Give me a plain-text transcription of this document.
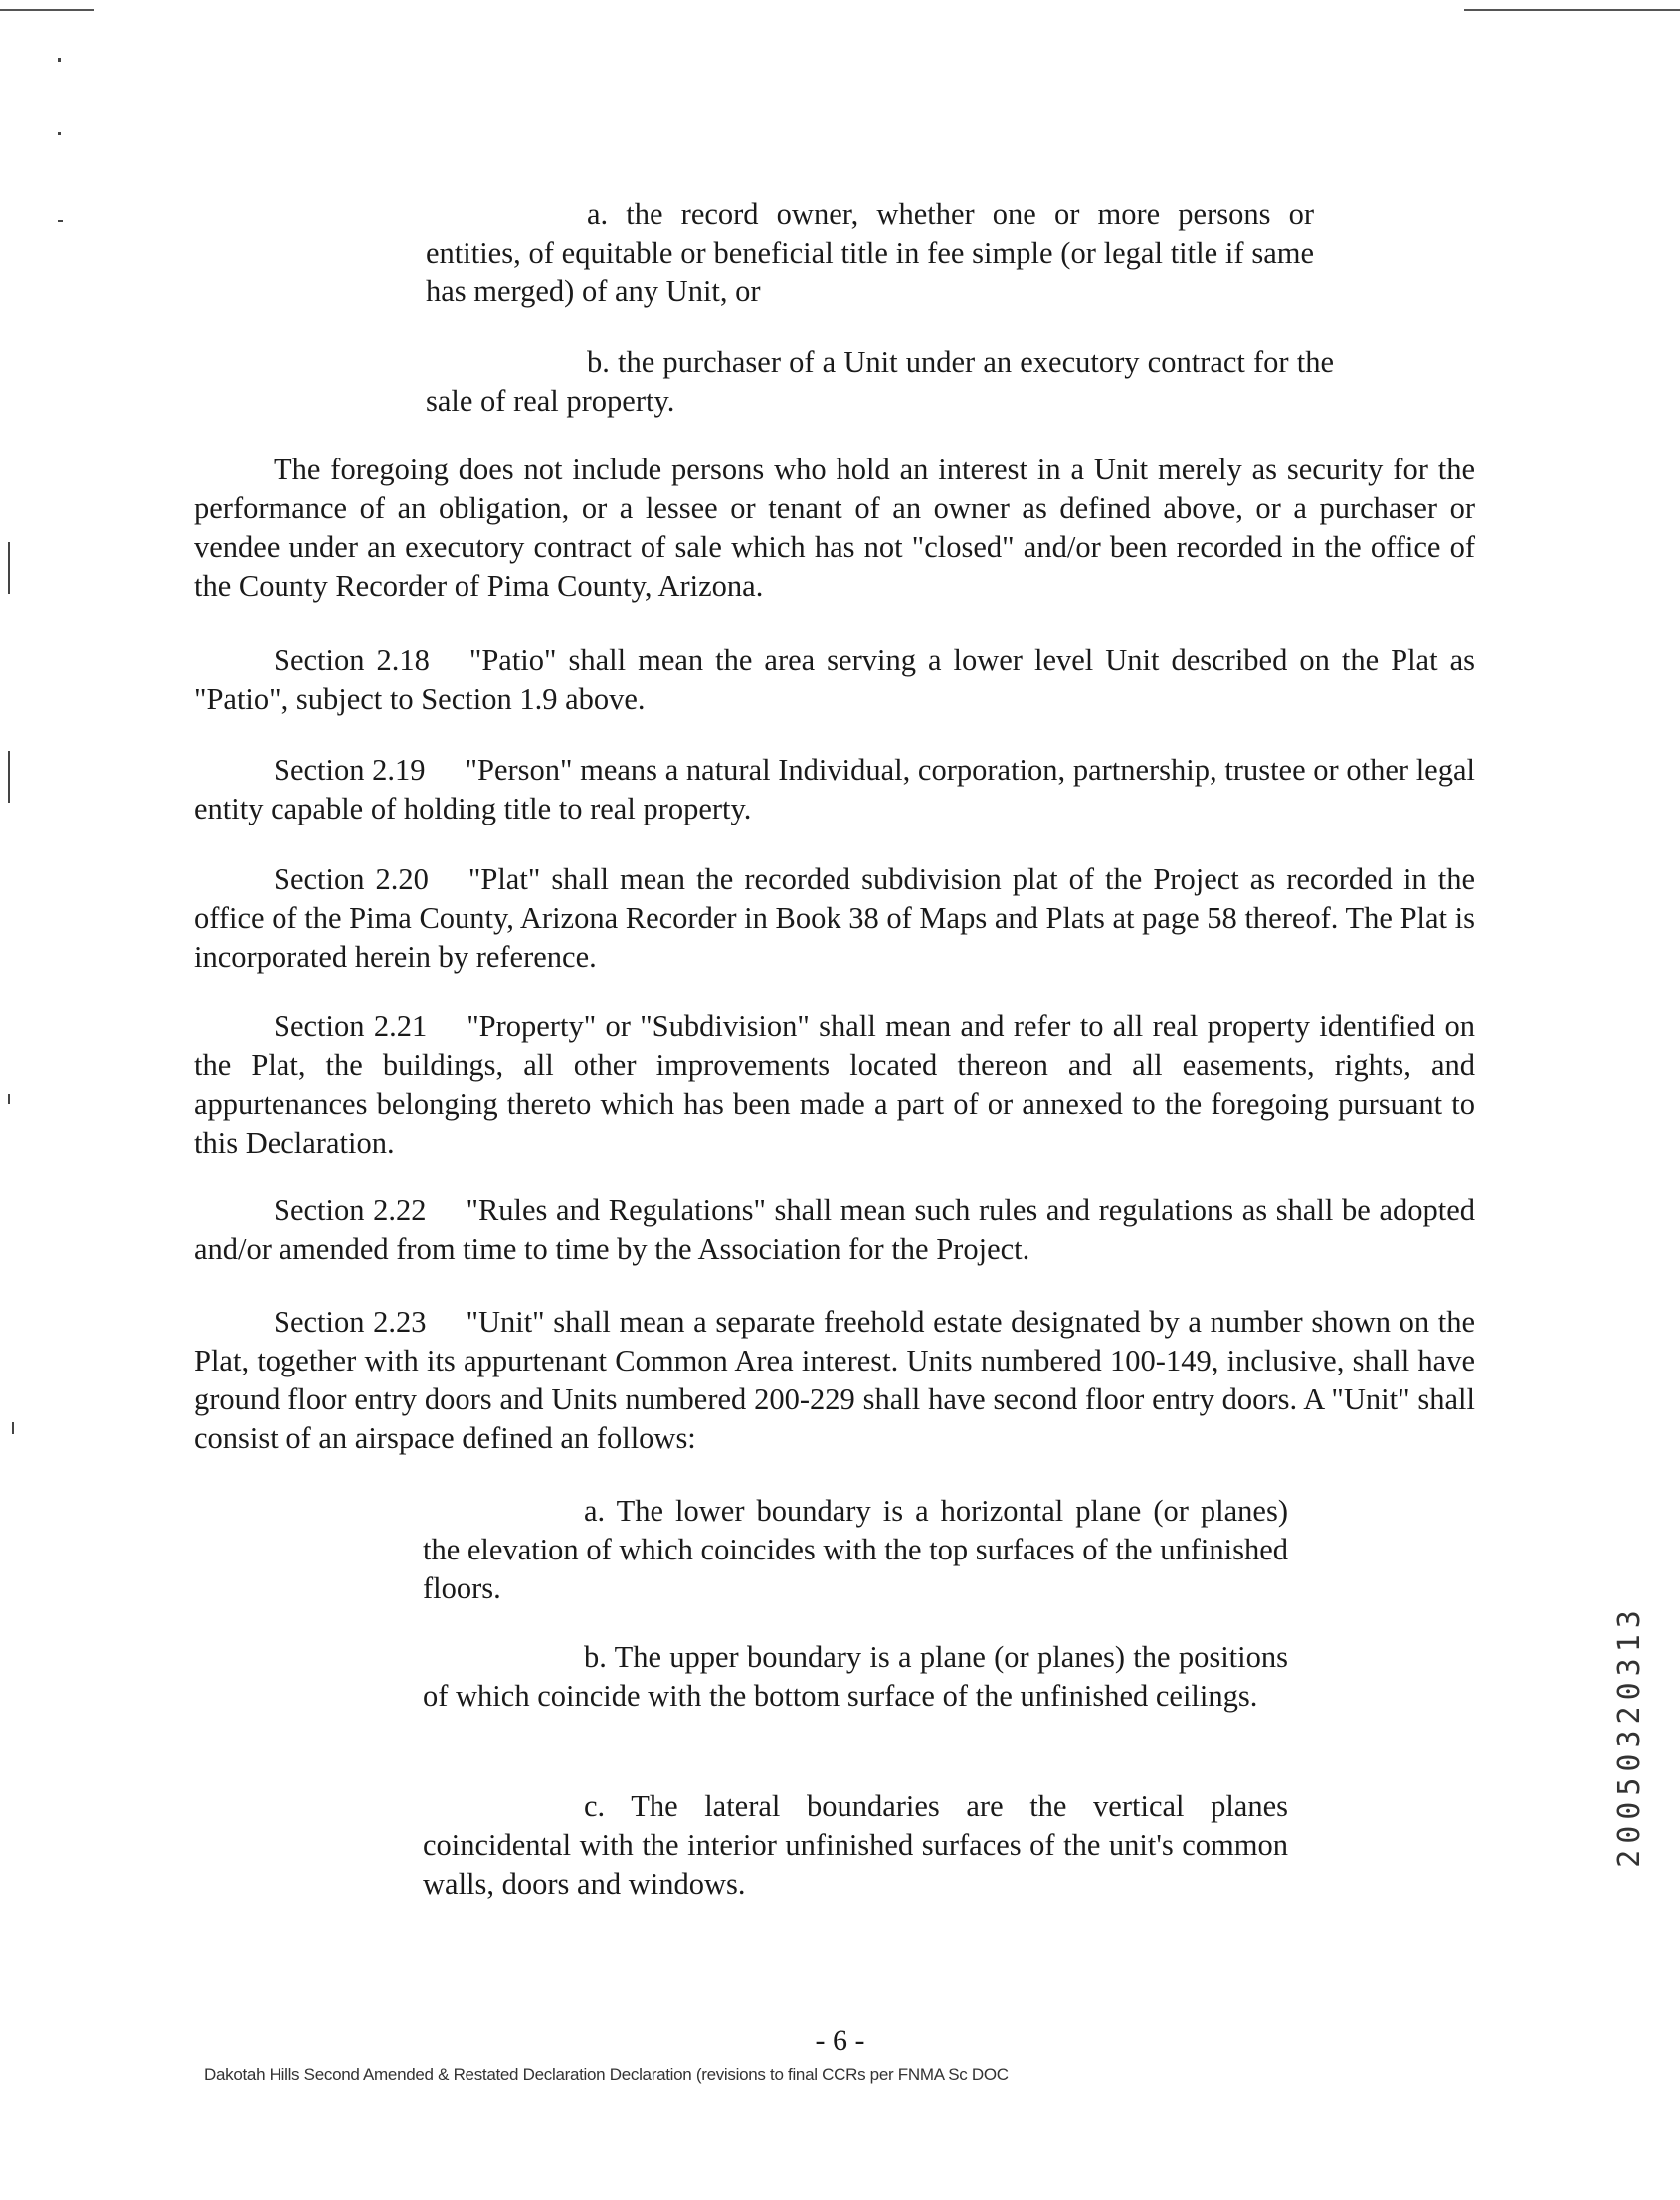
a. the record owner, whether one or more persons or entities, of equitable or beneficial title in fee simple (or legal title if same has merged) of any Unit, or
b. the purchaser of a Unit under an executory contract for the sale of real property.
The foregoing does not include persons who hold an interest in a Unit merely as security for the performance of an obligation, or a lessee or tenant of an owner as defined above, or a purchaser or vendee under an executory contract of sale which has not "closed" and/or been recorded in the office of the County Recorder of Pima County, Arizona.
Section 2.18 "Patio" shall mean the area serving a lower level Unit described on the Plat as "Patio", subject to Section 1.9 above.
Section 2.19 "Person" means a natural Individual, corporation, partnership, trustee or other legal entity capable of holding title to real property.
Section 2.20 "Plat" shall mean the recorded subdivision plat of the Project as recorded in the office of the Pima County, Arizona Recorder in Book 38 of Maps and Plats at page 58 thereof. The Plat is incorporated herein by reference.
Section 2.21 "Property" or "Subdivision" shall mean and refer to all real property identified on the Plat, the buildings, all other improvements located thereon and all easements, rights, and appurtenances belonging thereto which has been made a part of or annexed to the foregoing pursuant to this Declaration.
Section 2.22 "Rules and Regulations" shall mean such rules and regulations as shall be adopted and/or amended from time to time by the Association for the Project.
Section 2.23 "Unit" shall mean a separate freehold estate designated by a number shown on the Plat, together with its appurtenant Common Area interest. Units numbered 100-149, inclusive, shall have ground floor entry doors and Units numbered 200-229 shall have second floor entry doors. A "Unit" shall consist of an airspace defined an follows:
a. The lower boundary is a horizontal plane (or planes) the elevation of which coincides with the top surfaces of the unfinished floors.
b. The upper boundary is a plane (or planes) the positions of which coincide with the bottom surface of the unfinished ceilings.
c. The lateral boundaries are the vertical planes coincidental with the interior unfinished surfaces of the unit's common walls, doors and windows.
20050320313
- 6 -
Dakotah Hills Second Amended & Restated Declaration Declaration (revisions to final CCRs per FNMA Sc DOC
